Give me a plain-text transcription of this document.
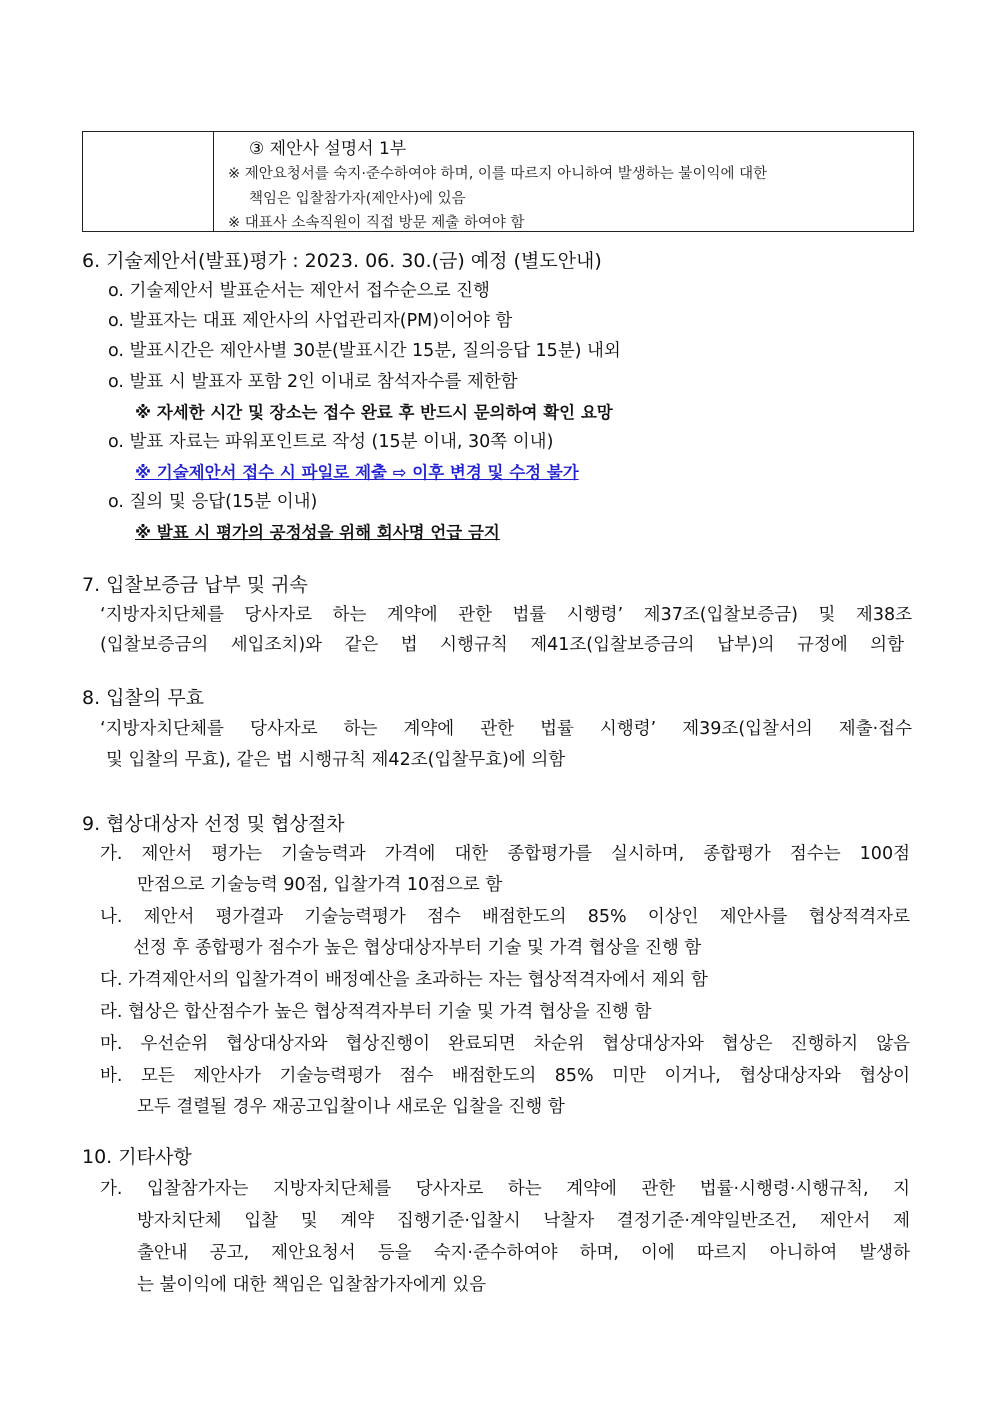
③ 제안사 설명서 1부
※ 제안요청서를 숙지·준수하여야 하며, 이를 따르지 아니하여 발생하는 불이익에 대한
책임은 입찰참가자(제안사)에 있음
※ 대표사 소속직원이 직접 방문 제출 하여야 함
6. 기술제안서(발표)평가 : 2023. 06. 30.(금) 예정 (별도안내)
o. 기술제안서 발표순서는 제안서 접수순으로 진행
o. 발표자는 대표 제안사의 사업관리자(PM)이어야 함
o. 발표시간은 제안사별 30분(발표시간 15분, 질의응답 15분) 내외
o. 발표 시 발표자 포함 2인 이내로 참석자수를 제한함
※ 자세한 시간 및 장소는 접수 완료 후 반드시 문의하여 확인 요망
o. 발표 자료는 파워포인트로 작성 (15분 이내, 30쪽 이내)
※ 기술제안서 접수 시 파일로 제출 ⇨ 이후 변경 및 수정 불가
o. 질의 및 응답(15분 이내)
※ 발표 시 평가의 공정성을 위해 회사명 언급 금지
7. 입찰보증금 납부 및 귀속
‘지방자치단체를 당사자로 하는 계약에 관한 법률 시행령’ 제37조(입찰보증금) 및 제38조
(입찰보증금의 세입조치)와 같은 법 시행규칙 제41조(입찰보증금의 납부)의 규정에 의함
8. 입찰의 무효
‘지방자치단체를 당사자로 하는 계약에 관한 법률 시행령’ 제39조(입찰서의 제출·접수
및 입찰의 무효), 같은 법 시행규칙 제42조(입찰무효)에 의함
9. 협상대상자 선정 및 협상절차
가. 제안서 평가는 기술능력과 가격에 대한 종합평가를 실시하며, 종합평가 점수는 100점
만점으로 기술능력 90점, 입찰가격 10점으로 함
나. 제안서 평가결과 기술능력평가 점수 배점한도의 85% 이상인 제안사를 협상적격자로
선정 후 종합평가 점수가 높은 협상대상자부터 기술 및 가격 협상을 진행 함
다. 가격제안서의 입찰가격이 배정예산을 초과하는 자는 협상적격자에서 제외 함
라. 협상은 합산점수가 높은 협상적격자부터 기술 및 가격 협상을 진행 함
마. 우선순위 협상대상자와 협상진행이 완료되면 차순위 협상대상자와 협상은 진행하지 않음
바. 모든 제안사가 기술능력평가 점수 배점한도의 85% 미만 이거나, 협상대상자와 협상이
모두 결렬될 경우 재공고입찰이나 새로운 입찰을 진행 함
10. 기타사항
가. 입찰참가자는 지방자치단체를 당사자로 하는 계약에 관한 법률·시행령·시행규칙, 지
방자치단체 입찰 및 계약 집행기준·입찰시 낙찰자 결정기준·계약일반조건, 제안서 제
출안내 공고, 제안요청서 등을 숙지·준수하여야 하며, 이에 따르지 아니하여 발생하
는 불이익에 대한 책임은 입찰참가자에게 있음
